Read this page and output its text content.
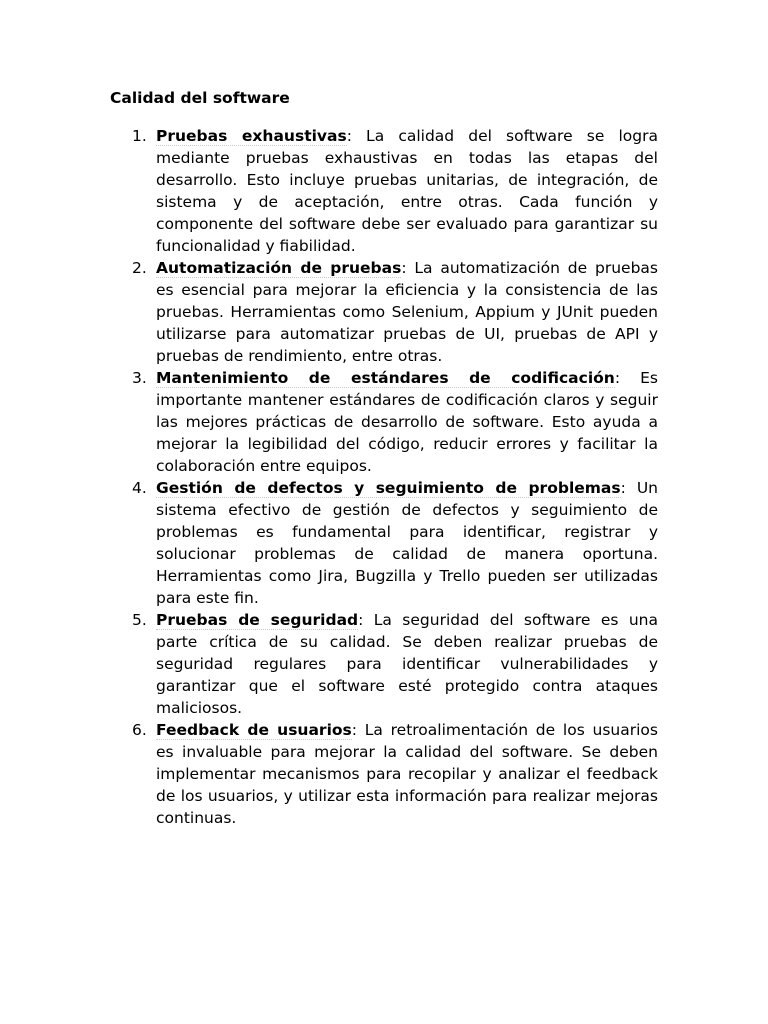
Calidad del software
1. Pruebas exhaustivas: La calidad del software se logra mediante pruebas exhaustivas en todas las etapas del desarrollo. Esto incluye pruebas unitarias, de integración, de sistema y de aceptación, entre otras. Cada función y componente del software debe ser evaluado para garantizar su funcionalidad y fiabilidad.
2. Automatización de pruebas: La automatización de pruebas es esencial para mejorar la eficiencia y la consistencia de las pruebas. Herramientas como Selenium, Appium y JUnit pueden utilizarse para automatizar pruebas de UI, pruebas de API y pruebas de rendimiento, entre otras.
3. Mantenimiento de estándares de codificación: Es importante mantener estándares de codificación claros y seguir las mejores prácticas de desarrollo de software. Esto ayuda a mejorar la legibilidad del código, reducir errores y facilitar la colaboración entre equipos.
4. Gestión de defectos y seguimiento de problemas: Un sistema efectivo de gestión de defectos y seguimiento de problemas es fundamental para identificar, registrar y solucionar problemas de calidad de manera oportuna. Herramientas como Jira, Bugzilla y Trello pueden ser utilizadas para este fin.
5. Pruebas de seguridad: La seguridad del software es una parte crítica de su calidad. Se deben realizar pruebas de seguridad regulares para identificar vulnerabilidades y garantizar que el software esté protegido contra ataques maliciosos.
6. Feedback de usuarios: La retroalimentación de los usuarios es invaluable para mejorar la calidad del software. Se deben implementar mecanismos para recopilar y analizar el feedback de los usuarios, y utilizar esta información para realizar mejoras continuas.
